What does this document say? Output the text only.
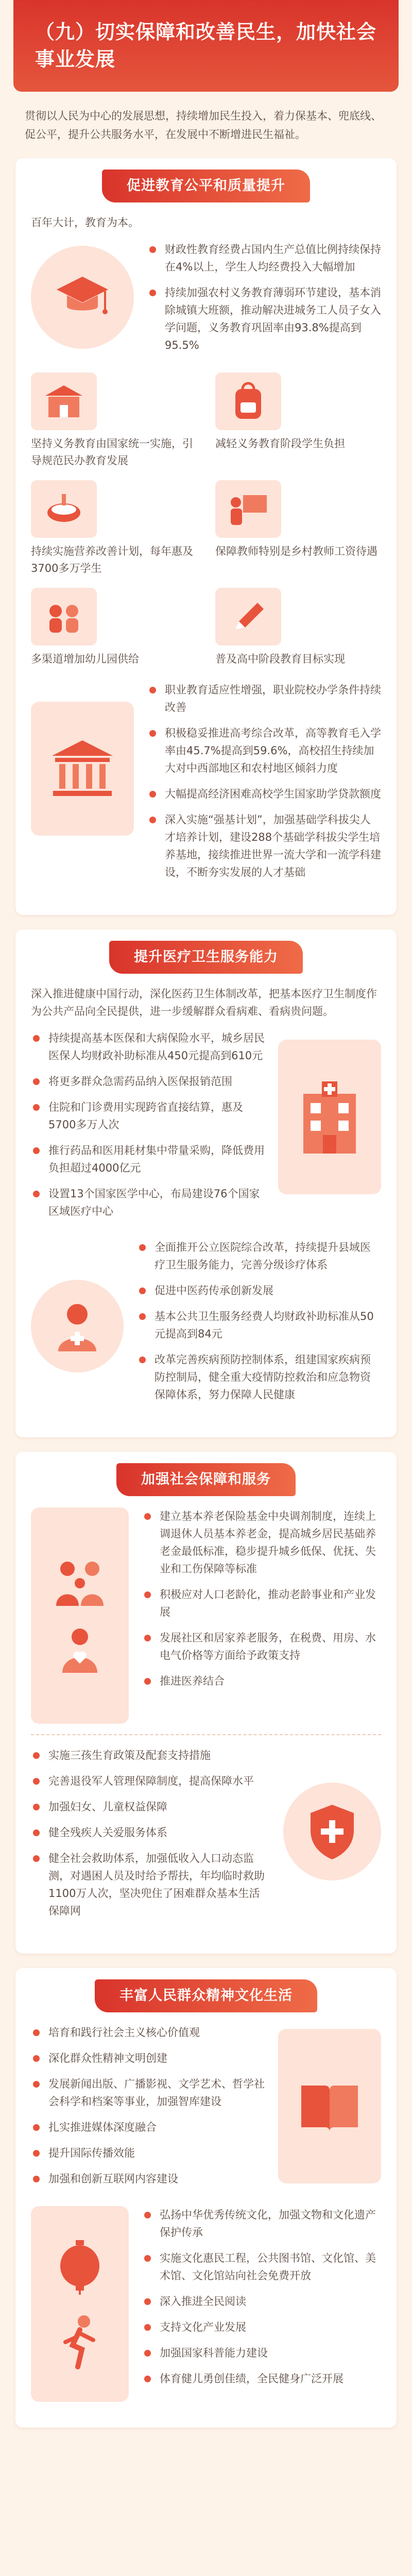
（九）切实保障和改善民生，加快社会事业发展

贯彻以人民为中心的发展思想，持续增加民生投入，着力保基本、兜底线、促公平，提升公共服务水平，在发展中不断增进民生福祉。

促进教育公平和质量提升

百年大计，教育为本。

财政性教育经费占国内生产总值比例持续保持在4%以上，学生人均经费投入大幅增加
持续加强农村义务教育薄弱环节建设，基本消除城镇大班额，推动解决进城务工人员子女入学问题，义务教育巩固率由93.8%提高到95.5%
坚持义务教育由国家统一实施，引导规范民办教育发展
减轻义务教育阶段学生负担
持续实施营养改善计划，每年惠及3700多万学生
保障教师特别是乡村教师工资待遇
多渠道增加幼儿园供给	普及高中阶段教育目标实现
职业教育适应性增强，职业院校办学条件持续改善
积极稳妥推进高考综合改革，高等教育毛入学率由45.7%提高到59.6%，高校招生持续加大对中西部地区和农村地区倾斜力度
大幅提高经济困难高校学生国家助学贷款额度
深入实施“强基计划”，加强基础学科拔尖人才培养计划，建设288个基础学科拔尖学生培养基地，接续推进世界一流大学和一流学科建设，不断夯实发展的人才基础
提升医疗卫生服务能力

深入推进健康中国行动，深化医药卫生体制改革，把基本医疗卫生制度作为公共产品向全民提供，进一步缓解群众看病难、看病贵问题。

持续提高基本医保和大病保险水平，城乡居民医保人均财政补助标准从450元提高到610元
将更多群众急需药品纳入医保报销范围
住院和门诊费用实现跨省直接结算，惠及5700多万人次
推行药品和医用耗材集中带量采购，降低费用负担超过4000亿元
设置13个国家医学中心，布局建设76个国家区域医疗中心
全面推开公立医院综合改革，持续提升县域医疗卫生服务能力，完善分级诊疗体系
促进中医药传承创新发展
基本公共卫生服务经费人均财政补助标准从50元提高到84元
改革完善疾病预防控制体系，组建国家疾病预防控制局，健全重大疫情防控救治和应急物资保障体系，努力保障人民健康
加强社会保障和服务
建立基本养老保险基金中央调剂制度，连续上调退休人员基本养老金，提高城乡居民基础养老金最低标准，稳步提升城乡低保、优抚、失业和工伤保障等标准
积极应对人口老龄化，推动老龄事业和产业发展
发展社区和居家养老服务，在税费、用房、水电气价格等方面给予政策支持
推进医养结合
实施三孩生育政策及配套支持措施
完善退役军人管理保障制度，提高保障水平
加强妇女、儿童权益保障
健全残疾人关爱服务体系
健全社会救助体系，加强低收入人口动态监测，对遇困人员及时给予帮扶，年均临时救助1100万人次，坚决兜住了困难群众基本生活保障网
丰富人民群众精神文化生活
培育和践行社会主义核心价值观
深化群众性精神文明创建
发展新闻出版、广播影视、文学艺术、哲学社会科学和档案等事业，加强智库建设
扎实推进媒体深度融合
提升国际传播效能
加强和创新互联网内容建设
弘扬中华优秀传统文化，加强文物和文化遗产保护传承
实施文化惠民工程，公共图书馆、文化馆、美术馆、文化馆站向社会免费开放
深入推进全民阅读
支持文化产业发展
加强国家科普能力建设
体育健儿勇创佳绩，全民健身广泛开展
